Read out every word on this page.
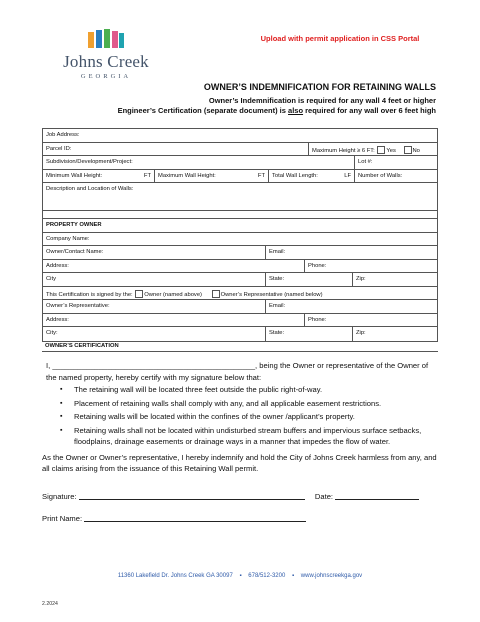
Johns Creek
GEORGIA
Upload with permit application in CSS Portal
OWNER’S INDEMNIFICATION FOR RETAINING WALLS
Owner’s Indemnification is required for any wall 4 feet or higher
Engineer’s Certification (separate document) is also required for any wall over 6 feet high
Job Address:
Parcel ID:	Maximum Height ≥ 6 FT: Yes	No
Subdivision/Development/Project:	Lot #:
Minimum Wall Height:	FT Maximum Wall Height:	FT Total Wall Length:	LF	Number of Walls:
Description and Location of Walls:
PROPERTY OWNER
Company Name:
Owner/Contact Name:	Email:
Address:	Phone:
City	State:	Zip:
This Certification is signed by the: Owner (named above)	Owner’s Representative (named below)
Owner’s Representative:	Email:
Address:	Phone:
City:	State:	Zip:
OWNER’S CERTIFICATION
I, ________________________________________________, being the Owner or representative of the Owner of
the named property, hereby certify with my signature below that:
▪ The retaining wall will be located three feet outside the public right-of-way.
▪ Placement of retaining walls shall comply with any, and all applicable easement restrictions.
▪ Retaining walls will be located within the confines of the owner /applicant’s property.
▪ Retaining walls shall not be located within undisturbed stream buffers and impervious surface setbacks, floodplains, drainage easements or drainage ways in a manner that impedes the flow of water.
As the Owner or Owner’s representative, I hereby indemnify and hold the City of Johns Creek harmless from any, and all claims arising from the issuance of this Retaining Wall permit.
Signature:	Date:
Print Name:
11360 Lakefield Dr. Johns Creek GA 30097 ▪ 678/512-3200 ▪ www.johnscreekga.gov
2.2024
